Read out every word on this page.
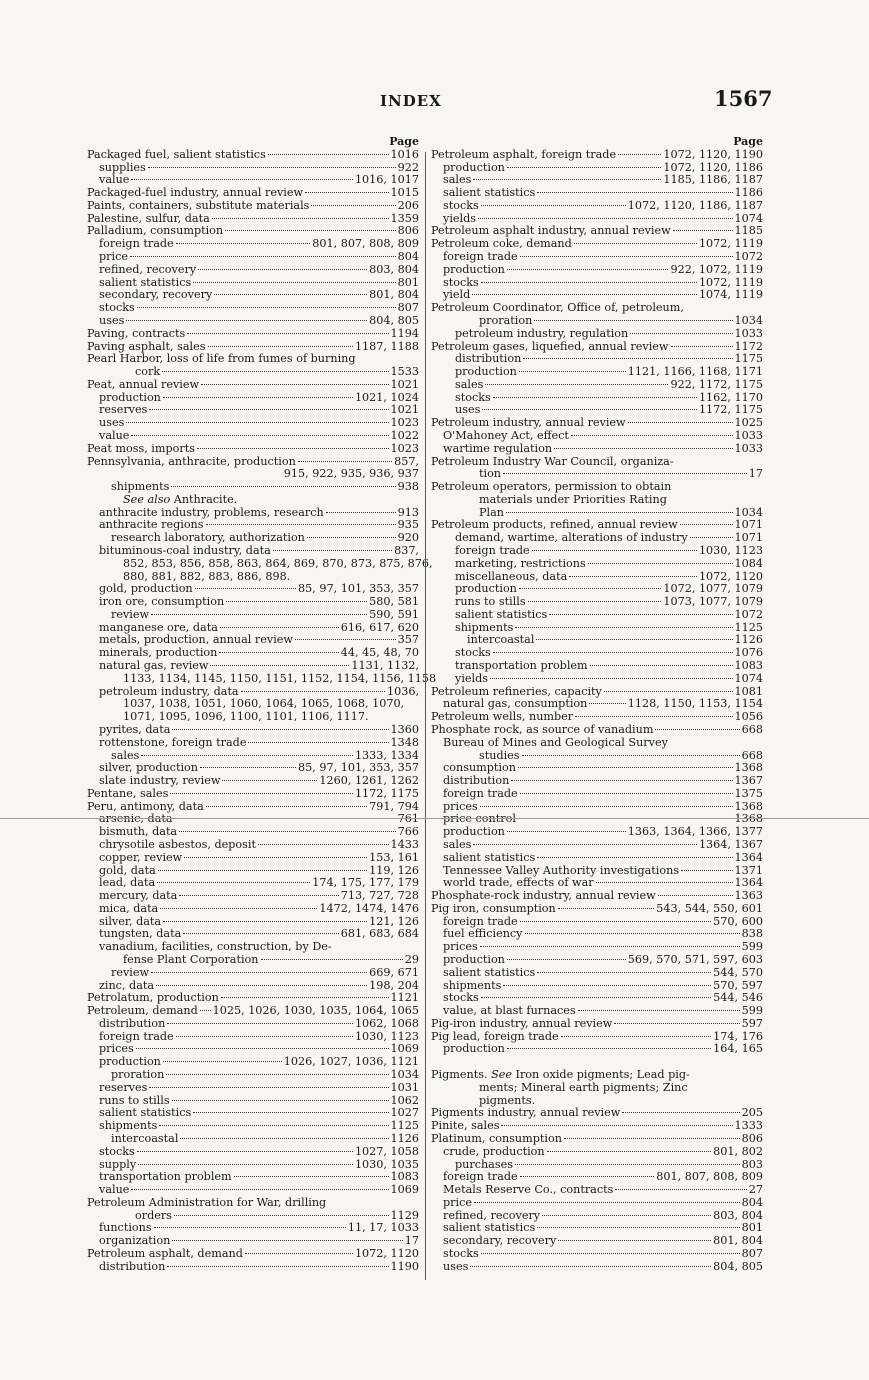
INDEX	1567
Page
Packaged fuel, salient statistics	1016
supplies	922
value	1016, 1017
Packaged-fuel industry, annual review	1015
Paints, containers, substitute materials	206
Palestine, sulfur, data	1359
Palladium, consumption	806
foreign trade	801, 807, 808, 809
price	804
refined, recovery	803, 804
salient statistics	801
secondary, recovery	801, 804
stocks	807
uses	804, 805
Paving, contracts	1194
Paving asphalt, sales	1187, 1188
Pearl Harbor, loss of life from fumes of burning
cork	1533
Peat, annual review	1021
production	1021, 1024
reserves	1021
uses	1023
value	1022
Peat moss, imports	1023
Pennsylvania, anthracite, production	857,
915, 922, 935, 936, 937
shipments	938
See also Anthracite.
anthracite industry, problems, research	913
anthracite regions	935
research laboratory, authorization	920
bituminous-coal industry, data	837,
852, 853, 856, 858, 863, 864, 869, 870, 873, 875, 876,
880, 881, 882, 883, 886, 898.
gold, production	85, 97, 101, 353, 357
iron ore, consumption	580, 581
review	590, 591
manganese ore, data	616, 617, 620
metals, production, annual review	357
minerals, production	44, 45, 48, 70
natural gas, review	1131, 1132,
1133, 1134, 1145, 1150, 1151, 1152, 1154, 1156, 1158
petroleum industry, data	1036,
1037, 1038, 1051, 1060, 1064, 1065, 1068, 1070,
1071, 1095, 1096, 1100, 1101, 1106, 1117.
pyrites, data	1360
rottenstone, foreign trade	1348
sales	1333, 1334
silver, production	85, 97, 101, 353, 357
slate industry, review	1260, 1261, 1262
Pentane, sales	1172, 1175
Peru, antimony, data	791, 794
arsenic, data	761
bismuth, data	766
chrysotile asbestos, deposit	1433
copper, review	153, 161
gold, data	119, 126
lead, data	174, 175, 177, 179
mercury, data	713, 727, 728
mica, data	1472, 1474, 1476
silver, data	121, 126
tungsten, data	681, 683, 684
vanadium, facilities, construction, by De-
fense Plant Corporation	29
review	669, 671
zinc, data	198, 204
Petrolatum, production	1121
Petroleum, demand 1025, 1026, 1030, 1035, 1064, 1065
distribution	1062, 1068
foreign trade	1030, 1123
prices	1069
production	1026, 1027, 1036, 1121
proration	1034
reserves	1031
runs to stills	1062
salient statistics	1027
shipments	1125
intercoastal	1126
stocks	1027, 1058
supply	1030, 1035
transportation problem	1083
value	1069
Petroleum Administration for War, drilling
orders	1129
functions	11, 17, 1033
organization	17
Petroleum asphalt, demand	1072, 1120
distribution	1190
Page
Petroleum asphalt, foreign trade	1072, 1120, 1190
production	1072, 1120, 1186
sales	1185, 1186, 1187
salient statistics	1186
stocks	1072, 1120, 1186, 1187
yields	1074
Petroleum asphalt industry, annual review	1185
Petroleum coke, demand	1072, 1119
foreign trade	1072
production	922, 1072, 1119
stocks	1072, 1119
yield	1074, 1119
Petroleum Coordinator, Office of, petroleum,
proration	1034
petroleum industry, regulation	1033
Petroleum gases, liquefied, annual review	1172
distribution	1175
production	1121, 1166, 1168, 1171
sales	922, 1172, 1175
stocks	1162, 1170
uses	1172, 1175
Petroleum industry, annual review	1025
O'Mahoney Act, effect	1033
wartime regulation	1033
Petroleum Industry War Council, organiza-
tion	17
Petroleum operators, permission to obtain
materials under Priorities Rating
Plan	1034
Petroleum products, refined, annual review	1071
demand, wartime, alterations of industry	1071
foreign trade	1030, 1123
marketing, restrictions	1084
miscellaneous, data	1072, 1120
production	1072, 1077, 1079
runs to stills	1073, 1077, 1079
salient statistics	1072
shipments	1125
intercoastal	1126
stocks	1076
transportation problem	1083
yields	1074
Petroleum refineries, capacity	1081
natural gas, consumption	1128, 1150, 1153, 1154
Petroleum wells, number	1056
Phosphate rock, as source of vanadium	668
Bureau of Mines and Geological Survey
studies	668
consumption	1368
distribution	1367
foreign trade	1375
prices	1368
price control	1368
production	1363, 1364, 1366, 1377
sales	1364, 1367
salient statistics	1364
Tennessee Valley Authority investigations	1371
world trade, effects of war	1364
Phosphate-rock industry, annual review	1363
Pig iron, consumption	543, 544, 550, 601
foreign trade	570, 600
fuel efficiency	838
prices	599
production	569, 570, 571, 597, 603
salient statistics	544, 570
shipments	570, 597
stocks	544, 546
value, at blast furnaces	599
Pig-iron industry, annual review	597
Pig lead, foreign trade	174, 176
production	164, 165

Pigments. See Iron oxide pigments; Lead pig-
ments; Mineral earth pigments; Zinc
pigments.
Pigments industry, annual review	205
Pinite, sales	1333
Platinum, consumption	806
crude, production	801, 802
purchases	803
foreign trade	801, 807, 808, 809
Metals Reserve Co., contracts	27
price	804
refined, recovery	803, 804
salient statistics	801
secondary, recovery	801, 804
stocks	807
uses	804, 805
